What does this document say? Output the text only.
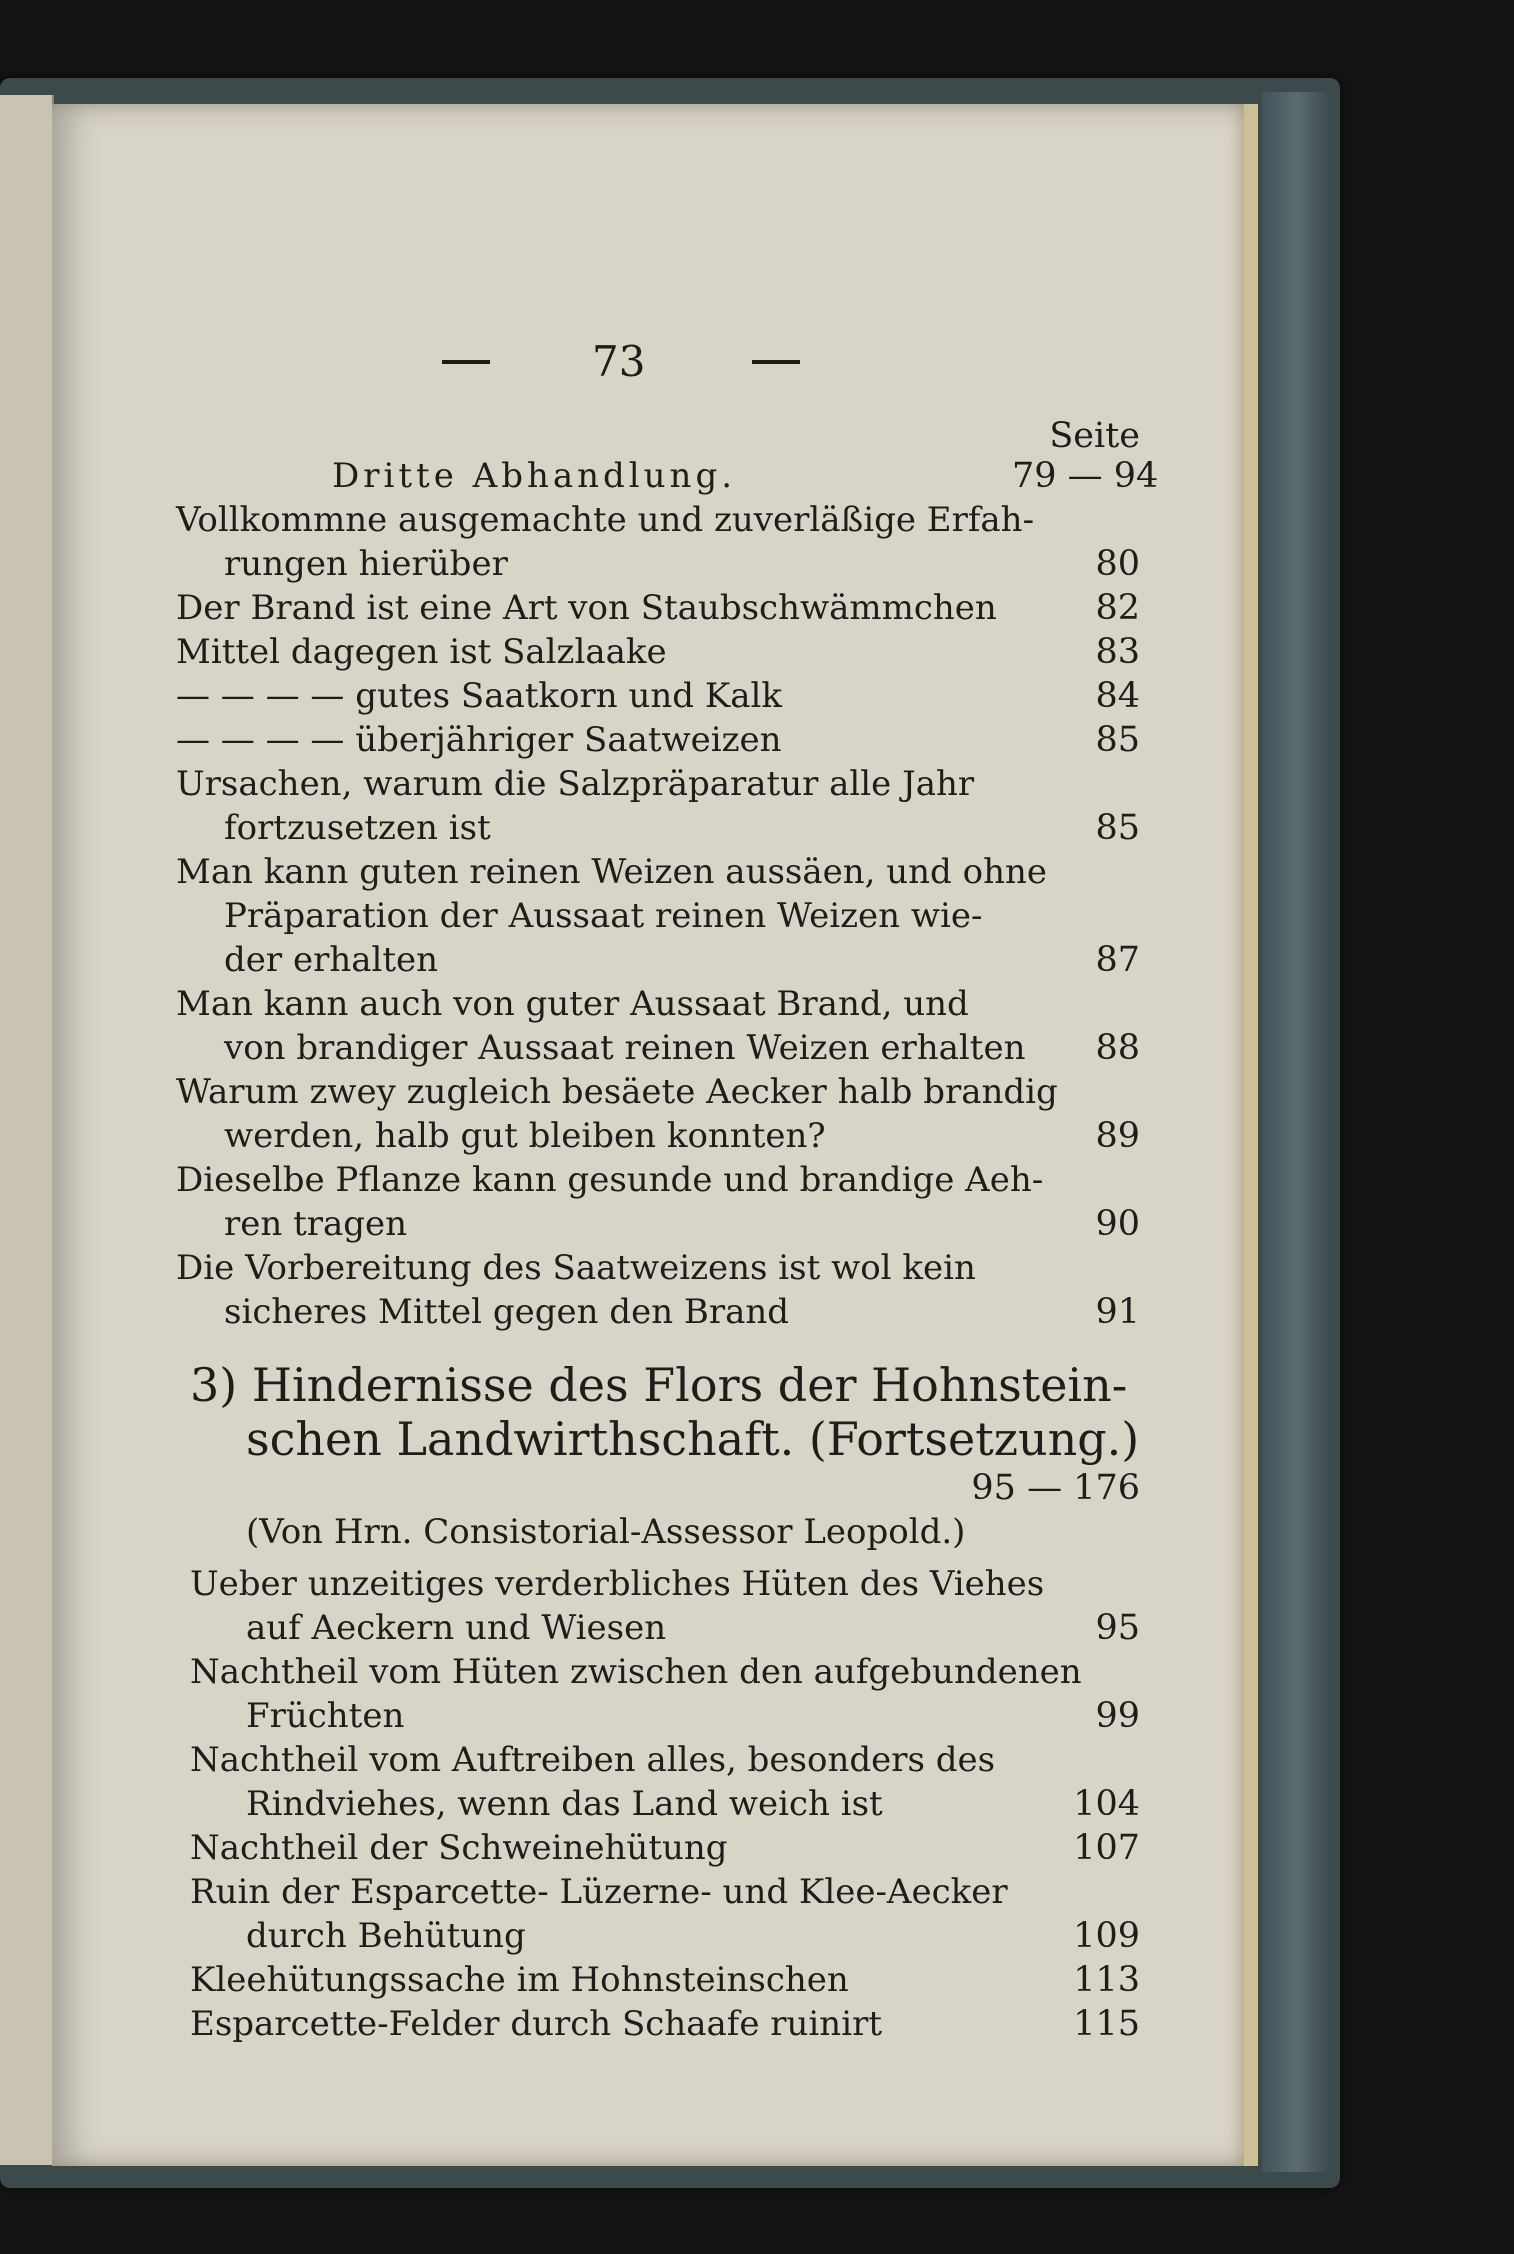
73
Seite
Dritte Abhandlung.	79 — 94
Vollkommne ausgemachte und zuverläßige Erfah-
rungen hierüber	80
Der Brand ist eine Art von Staubschwämmchen	82
Mittel dagegen ist Salzlaake	83
— — — — gutes Saatkorn und Kalk	84
— — — — überjähriger Saatweizen	85
Ursachen, warum die Salzpräparatur alle Jahr
fortzusetzen ist	85
Man kann guten reinen Weizen aussäen, und ohne
Präparation der Aussaat reinen Weizen wie-
der erhalten	87
Man kann auch von guter Aussaat Brand, und
von brandiger Aussaat reinen Weizen erhalten	88
Warum zwey zugleich besäete Aecker halb brandig
werden, halb gut bleiben konnten?	89
Dieselbe Pflanze kann gesunde und brandige Aeh-
ren tragen	90
Die Vorbereitung des Saatweizens ist wol kein
sicheres Mittel gegen den Brand	91
3) Hindernisse des Flors der Hohnstein-
schen Landwirthschaft. (Fortsetzung.)
95 — 176
(Von Hrn. Consistorial-Assessor Leopold.)
Ueber unzeitiges verderbliches Hüten des Viehes
auf Aeckern und Wiesen	95
Nachtheil vom Hüten zwischen den aufgebundenen
Früchten	99
Nachtheil vom Auftreiben alles, besonders des
Rindviehes, wenn das Land weich ist	104
Nachtheil der Schweinehütung	107
Ruin der Esparcette- Lüzerne- und Klee-Aecker
durch Behütung	109
Kleehütungssache im Hohnsteinschen	113
Esparcette-Felder durch Schaafe ruinirt	115
